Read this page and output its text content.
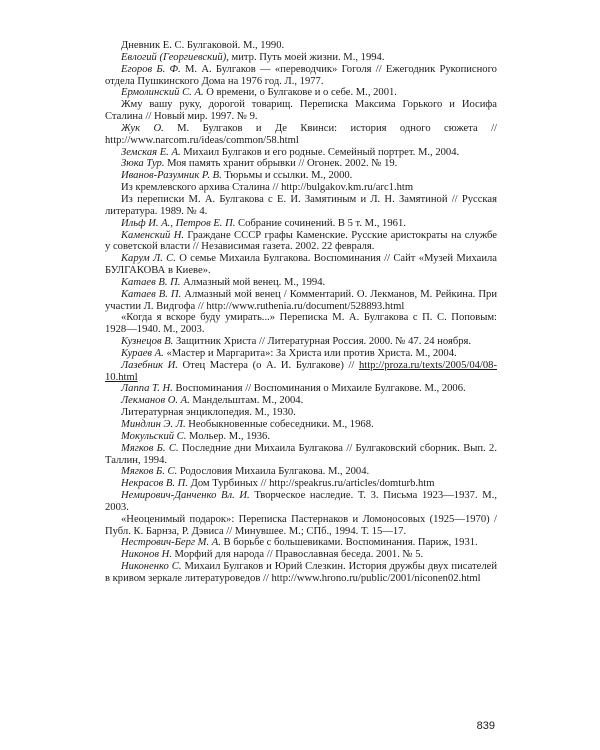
Дневник Е. С. Булгаковой. М., 1990.

Евлогий (Георгиевский), митр. Путь моей жизни. М., 1994.

Егоров Б. Ф. М. А. Булгаков — «переводчик» Гоголя // Ежегодник Рукописного отдела Пушкинского Дома на 1976 год. Л., 1977.

Ермолинский С. А. О времени, о Булгакове и о себе. М., 2001.

Жму вашу руку, дорогой товарищ. Переписка Максима Горького и Иосифа Сталина // Новый мир. 1997. № 9.

Жук О. М. Булгаков и Де Квинси: история одного сюжета // http://www.narcom.ru/ideas/common/58.html

Земская Е. А. Михаил Булгаков и его родные. Семейный портрет. М., 2004.

Зюка Тур. Моя память хранит обрывки // Огонек. 2002. № 19.

Иванов-Разумник Р. В. Тюрьмы и ссылки. М., 2000.

Из кремлевского архива Сталина // http://bulgakov.km.ru/arc1.htm

Из переписки М. А. Булгакова с Е. И. Замятиным и Л. Н. Замятиной // Русская литература. 1989. № 4.

Ильф И. А., Петров Е. П. Собрание сочинений. В 5 т. М., 1961.

Каменский Н. Граждане СССР графы Каменские. Русские аристократы на службе у советской власти // Независимая газета. 2002. 22 февраля.

Карум Л. С. О семье Михаила Булгакова. Воспоминания // Сайт «Музей Михаила БУЛГАКОВА в Киеве».

Катаев В. П. Алмазный мой венец. М., 1994.

Катаев В. П. Алмазный мой венец / Комментарий. О. Лекманов, М. Рейкина. При участии Л. Видгофа // http://www.ruthenia.ru/document/528893.html

«Когда я вскоре буду умирать...» Переписка М. А. Булгакова с П. С. Поповым: 1928—1940. М., 2003.

Кузнецов В. Защитник Христа // Литературная Россия. 2000. № 47. 24 ноября.

Кураев А. «Мастер и Маргарита»: За Христа или против Христа. М., 2004.

Лазебник И. Отец Мастера (о А. И. Булгакове) // http://proza.ru/texts/2005/04/08-10.html

Лаппа Т. Н. Воспоминания // Воспоминания о Михаиле Булгакове. М., 2006.

Лекманов О. А. Мандельштам. М., 2004.

Литературная энциклопедия. М., 1930.

Миндлин Э. Л. Необыкновенные собеседники. М., 1968.

Мокульский С. Мольер. М., 1936.

Мягков Б. С. Последние дни Михаила Булгакова // Булгаковский сборник. Вып. 2. Таллин, 1994.

Мягков Б. С. Родословия Михаила Булгакова. М., 2004.

Некрасов В. П. Дом Турбиных // http://speakrus.ru/articles/domturb.htm

Немирович-Данченко Вл. И. Творческое наследие. Т. 3. Письма 1923—1937. М., 2003.

«Неоценимый подарок»: Переписка Пастернаков и Ломоносовых (1925—1970) / Публ. К. Барнза, Р. Дэвиса // Минувшее. М.; СПб., 1994. Т. 15—17.

Нестрович-Берг М. А. В борьбе с большевиками. Воспоминания. Париж, 1931.

Никонов Н. Морфий для народа // Православная беседа. 2001. № 5.

Никоненко С. Михаил Булгаков и Юрий Слезкин. История дружбы двух писателей в кривом зеркале литературоведов // http://www.hrono.ru/public/2001/niconen02.html

839
